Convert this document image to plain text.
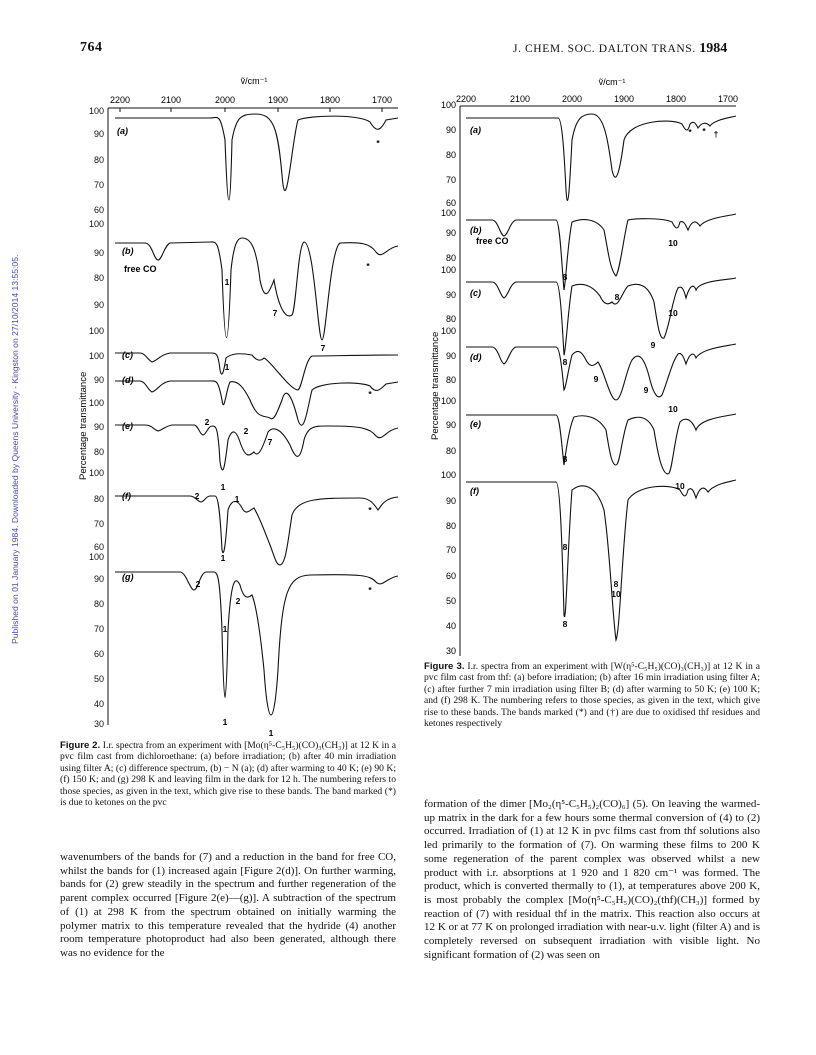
764	J. CHEM. SOC. DALTON TRANS. 1984
Published on 01 January 1984. Downloaded by Queens University - Kingston on 27/10/2014 13:55:05.
ṽ/cm⁻¹
2200	2100	2000	1900	1800	1700
100
90
80
70
60
100
90
80
90
100
100
90
100
90
80
100
80
70
60
100
90
80
70
60
50
40
30
Percentage transmittance
(a)
(b)
(c)
(d)
(e)
(f)
(g)
free CO
*
1
1
7
7
2
2
7
1
2	1
1
2
2
1
1
1
*
*
*
*
ṽ/cm⁻¹
2200	2100	2000	1900	1800	1700
100
90
80
70
60
100
90
80
100
90
80
100
90
80
100
90
80
100
90
80
70
60
50
40
30
Percentage transmittance
(a)
(b)
(c)
(d)
(e)
(f)
free CO
8
8
8
8
8
8
9
9
9
10
10
10
10
8
10
* * †
Figure 2. I.r. spectra from an experiment with [Mo(η⁵-C₅H₅)(CO)₃(CH₃)] at 12 K in a pvc film cast from dichloroethane: (a) before irradiation; (b) after 40 min irradiation using filter A; (c) difference spectrum, (b) − N (a); (d) after warming to 40 K; (e) 90 K; (f) 150 K; and (g) 298 K and leaving film in the dark for 12 h. The numbering refers to those species, as given in the text, which give rise to these bands. The band marked (*) is due to ketones on the pvc
Figure 3. I.r. spectra from an experiment with [W(η⁵-C₅H₅)(CO)₃(CH₃)] at 12 K in a pvc film cast from thf: (a) before irradiation; (b) after 16 min irradiation using filter A; (c) after further 7 min irradiation using filter B; (d) after warming to 50 K; (e) 100 K; and (f) 298 K. The numbering refers to those species, as given in the text, which give rise to these bands. The bands marked (*) and (†) are due to oxidised thf residues and ketones respectively
wavenumbers of the bands for (7) and a reduction in the band for free CO, whilst the bands for (1) increased again [Figure 2(d)]. On further warming, bands for (2) grew steadily in the spectrum and further regeneration of the parent complex occurred [Figure 2(e)—(g)]. A subtraction of the spectrum of (1) at 298 K from the spectrum obtained on initially warming the polymer matrix to this temperature revealed that the hydride (4) another room temperature photoproduct had also been generated, although there was no evidence for the
formation of the dimer [Mo₂(η⁵-C₅H₅)₂(CO)₆] (5). On leaving the warmed-up matrix in the dark for a few hours some thermal conversion of (4) to (2) occurred. Irradiation of (1) at 12 K in pvc films cast from thf solutions also led primarily to the formation of (7). On warming these films to 200 K some regeneration of the parent complex was observed whilst a new product with i.r. absorptions at 1 920 and 1 820 cm⁻¹ was formed. The product, which is converted thermally to (1), at temperatures above 200 K, is most probably the complex [Mo(η⁵-C₅H₅)(CO)₂(thf)(CH₃)] formed by reaction of (7) with residual thf in the matrix. This reaction also occurs at 12 K or at 77 K on prolonged irradiation with near-u.v. light (filter A) and is completely reversed on subsequent irradiation with visible light. No significant formation of (2) was seen on
